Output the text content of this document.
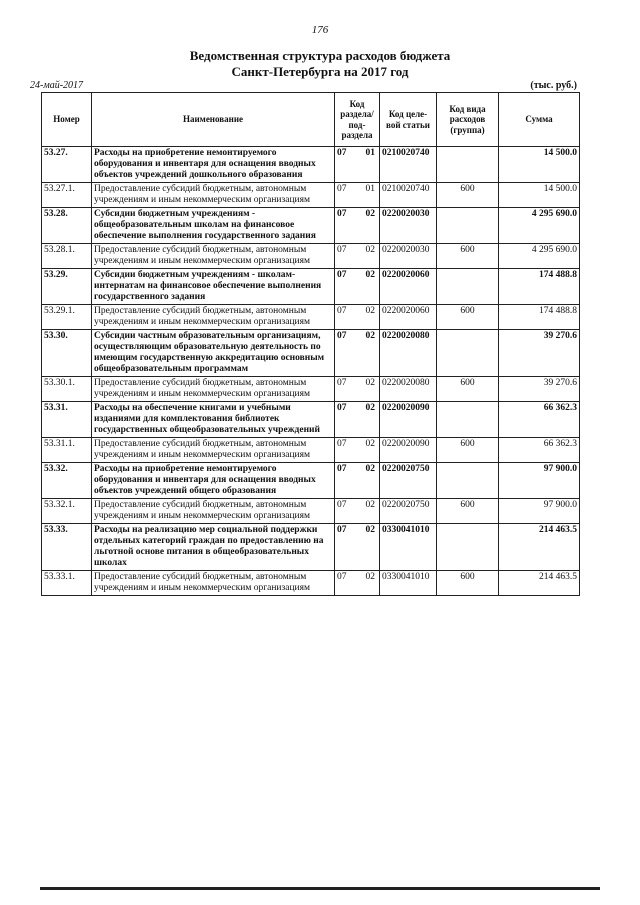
176
Ведомственная структура расходов бюджета
Санкт-Петербурга на 2017 год
24-май-2017	(тыс. руб.)
Номер	Наименование	Код раздела/ под-раздела	Код целе-вой статьи	Код вида расходов (группа)	Сумма
53.27.	Расходы на приобретение немонтируемого оборудования и инвентаря для оснащения вводных объектов учреждений дошкольного образования	07 01	0210020740		14 500.0
53.27.1.	Предоставление субсидий бюджетным, автономным учреждениям и иным некоммерческим организациям	07 01	0210020740	600	14 500.0
53.28.	Субсидии бюджетным учреждениям - общеобразовательным школам на финансовое обеспечение выполнения государственного задания	07 02	0220020030		4 295 690.0
53.28.1.	Предоставление субсидий бюджетным, автономным учреждениям и иным некоммерческим организациям	07 02	0220020030	600	4 295 690.0
53.29.	Субсидии бюджетным учреждениям - школам-интернатам на финансовое обеспечение выполнения государственного задания	07 02	0220020060		174 488.8
53.29.1.	Предоставление субсидий бюджетным, автономным учреждениям и иным некоммерческим организациям	07 02	0220020060	600	174 488.8
53.30.	Субсидии частным образовательным организациям, осуществляющим образовательную деятельность по имеющим государственную аккредитацию основным общеобразовательным программам	07 02	0220020080		39 270.6
53.30.1.	Предоставление субсидий бюджетным, автономным учреждениям и иным некоммерческим организациям	07 02	0220020080	600	39 270.6
53.31.	Расходы на обеспечение книгами и учебными изданиями для комплектования библиотек государственных общеобразовательных учреждений	07 02	0220020090		66 362.3
53.31.1.	Предоставление субсидий бюджетным, автономным учреждениям и иным некоммерческим организациям	07 02	0220020090	600	66 362.3
53.32.	Расходы на приобретение немонтируемого оборудования и инвентаря для оснащения вводных объектов учреждений общего образования	07 02	0220020750		97 900.0
53.32.1.	Предоставление субсидий бюджетным, автономным учреждениям и иным некоммерческим организациям	07 02	0220020750	600	97 900.0
53.33.	Расходы на реализацию мер социальной поддержки отдельных категорий граждан по предоставлению на льготной основе питания в общеобразовательных школах	07 02	0330041010		214 463.5
53.33.1.	Предоставление субсидий бюджетным, автономным учреждениям и иным некоммерческим организациям	07 02	0330041010	600	214 463.5
